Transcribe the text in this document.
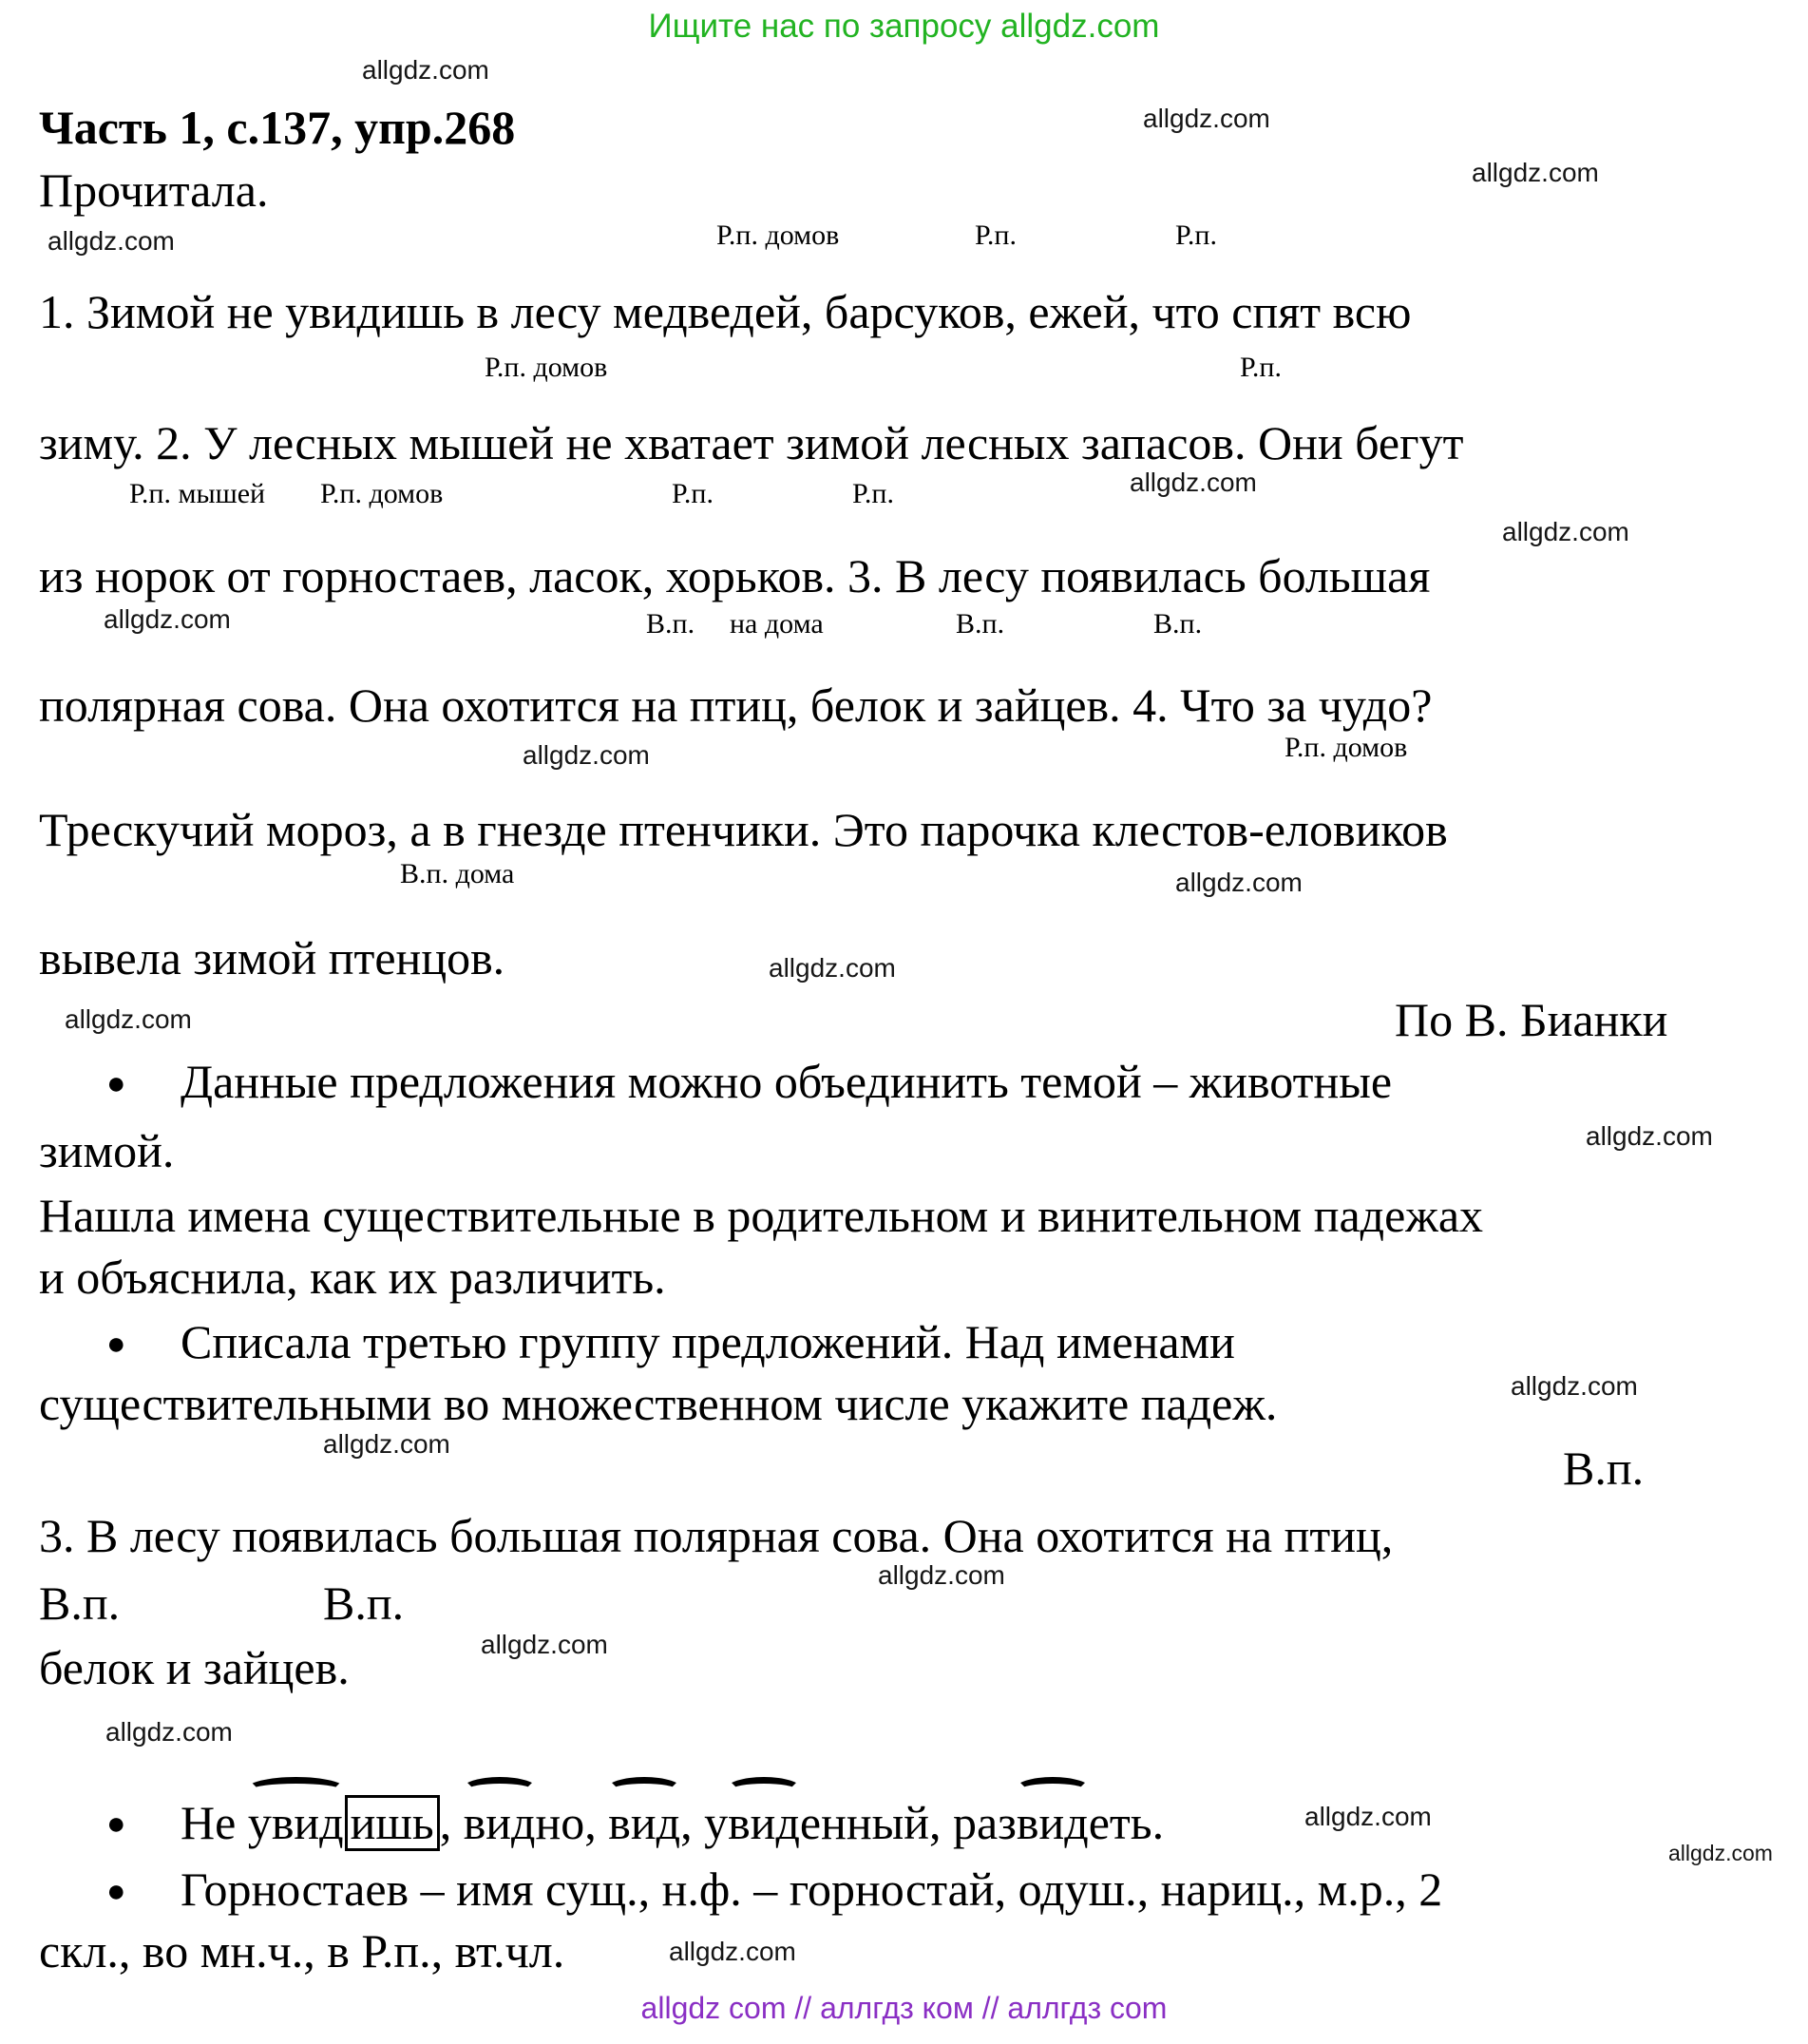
Ищите нас по запросу allgdz.com
allgdz.com
allgdz.com
allgdz.com
allgdz.com
allgdz.com
allgdz.com
allgdz.com
allgdz.com
allgdz.com
allgdz.com
allgdz.com
allgdz.com
allgdz.com
allgdz.com
allgdz.com
allgdz.com
allgdz.com
allgdz.com
allgdz.com
allgdz.com
Часть 1, с.137, упр.268
Прочитала.
Р.п. домов	Р.п.	Р.п.
1. Зимой не увидишь в лесу медведей, барсуков, ежей, что спят всю
Р.п. домов	Р.п.
зиму. 2. У лесных мышей не хватает зимой лесных запасов. Они бегут
Р.п. мышей Р.п. домов	Р.п.	Р.п.
из норок от горностаев, ласок, хорьков. 3. В лесу появилась большая
В.п. на дома	В.п.	В.п.
полярная сова. Она охотится на птиц, белок и зайцев. 4. Что за чудо?
Р.п. домов
Трескучий мороз, а в гнезде птенчики. Это парочка клестов-еловиков
В.п. дома
вывела зимой птенцов.
По В. Бианки
● Данные предложения можно объединить темой – животные
зимой.
Нашла имена существительные в родительном и винительном падежах
и объяснила, как их различить.
● Списала третью группу предложений. Над именами
существительными во множественном числе укажите падеж.
В.п.
3. В лесу появилась большая полярная сова. Она охотится на птиц,
В.п.	В.п.
белок и зайцев.
● Не увид ишь , видно, вид, увиденный, развидеть.
● Горностаев – имя сущ., н.ф. – горностай, одуш., нариц., м.р., 2
скл., во мн.ч., в Р.п., вт.чл.
allgdz com // аллгдз ком // аллгдз com
